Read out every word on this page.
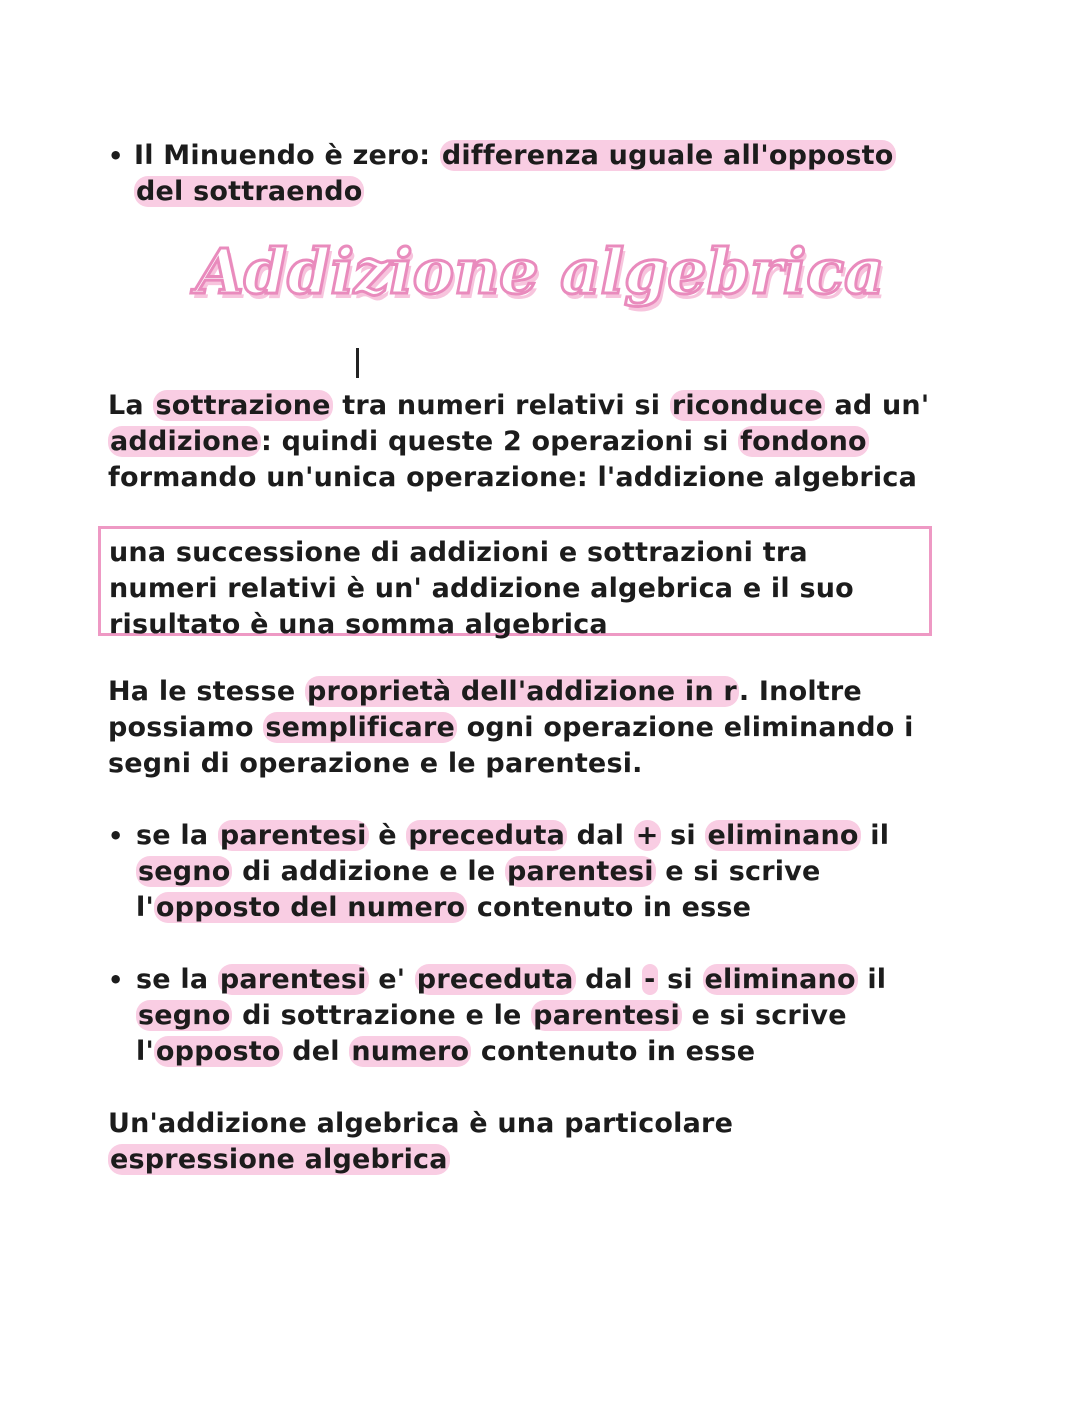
• Il Minuendo è zero: differenza uguale all'opposto del sottraendo
Addizione algebrica
La sottrazione tra numeri relativi si riconduce ad un' addizione: quindi queste 2 operazioni si fondono formando un'unica operazione: l'addizione algebrica
una successione di addizioni e sottrazioni tra numeri relativi è un' addizione algebrica e il suo risultato è una somma algebrica
Ha le stesse proprietà dell'addizione in r. Inoltre possiamo semplificare ogni operazione eliminando i segni di operazione e le parentesi.
• se la parentesi è preceduta dal + si eliminano il segno di addizione e le parentesi e si scrive l'opposto del numero contenuto in esse
• se la parentesi e' preceduta dal - si eliminano il segno di sottrazione e le parentesi e si scrive l'opposto del numero contenuto in esse
Un'addizione algebrica è una particolare espressione algebrica
